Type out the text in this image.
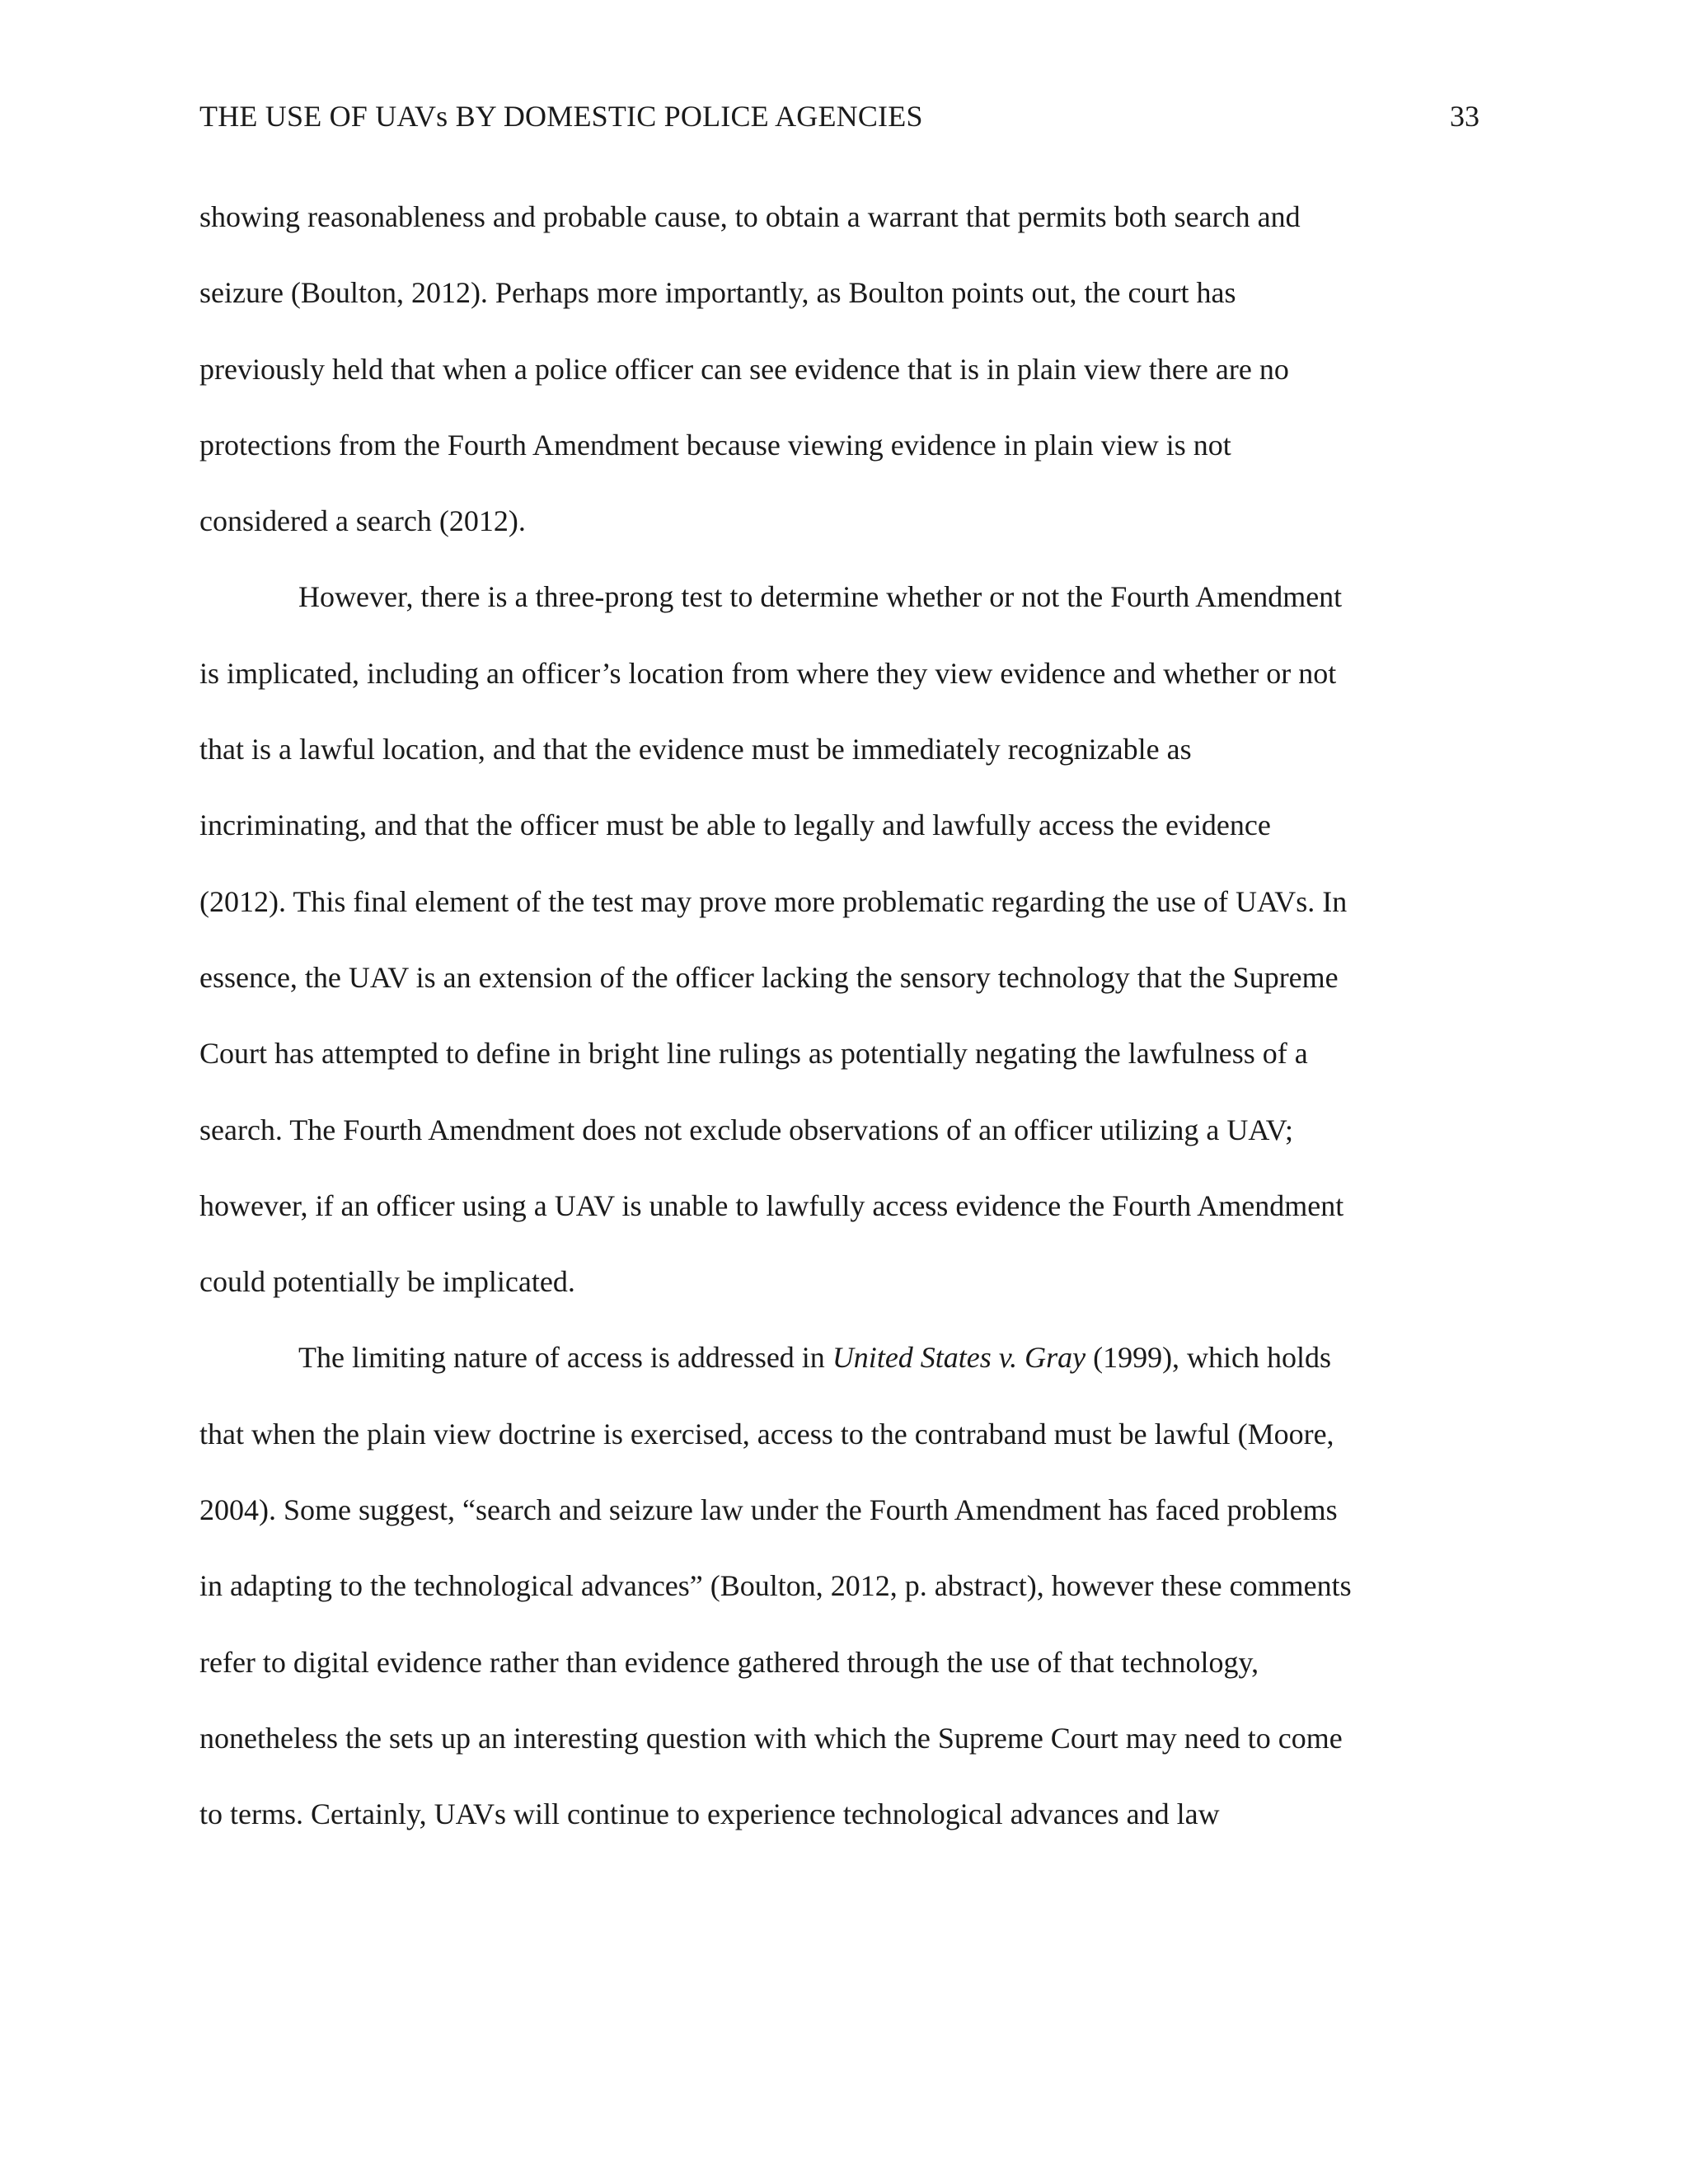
THE USE OF UAVs BY DOMESTIC POLICE AGENCIES	33
showing reasonableness and probable cause, to obtain a warrant that permits both search and
seizure (Boulton, 2012). Perhaps more importantly, as Boulton points out, the court has
previously held that when a police officer can see evidence that is in plain view there are no
protections from the Fourth Amendment because viewing evidence in plain view is not
considered a search (2012).
However, there is a three-prong test to determine whether or not the Fourth Amendment
is implicated, including an officer’s location from where they view evidence and whether or not
that is a lawful location, and that the evidence must be immediately recognizable as
incriminating, and that the officer must be able to legally and lawfully access the evidence
(2012). This final element of the test may prove more problematic regarding the use of UAVs. In
essence, the UAV is an extension of the officer lacking the sensory technology that the Supreme
Court has attempted to define in bright line rulings as potentially negating the lawfulness of a
search. The Fourth Amendment does not exclude observations of an officer utilizing a UAV;
however, if an officer using a UAV is unable to lawfully access evidence the Fourth Amendment
could potentially be implicated.
The limiting nature of access is addressed in United States v. Gray (1999), which holds
that when the plain view doctrine is exercised, access to the contraband must be lawful (Moore,
2004). Some suggest, “search and seizure law under the Fourth Amendment has faced problems
in adapting to the technological advances” (Boulton, 2012, p. abstract), however these comments
refer to digital evidence rather than evidence gathered through the use of that technology,
nonetheless the sets up an interesting question with which the Supreme Court may need to come
to terms. Certainly, UAVs will continue to experience technological advances and law
